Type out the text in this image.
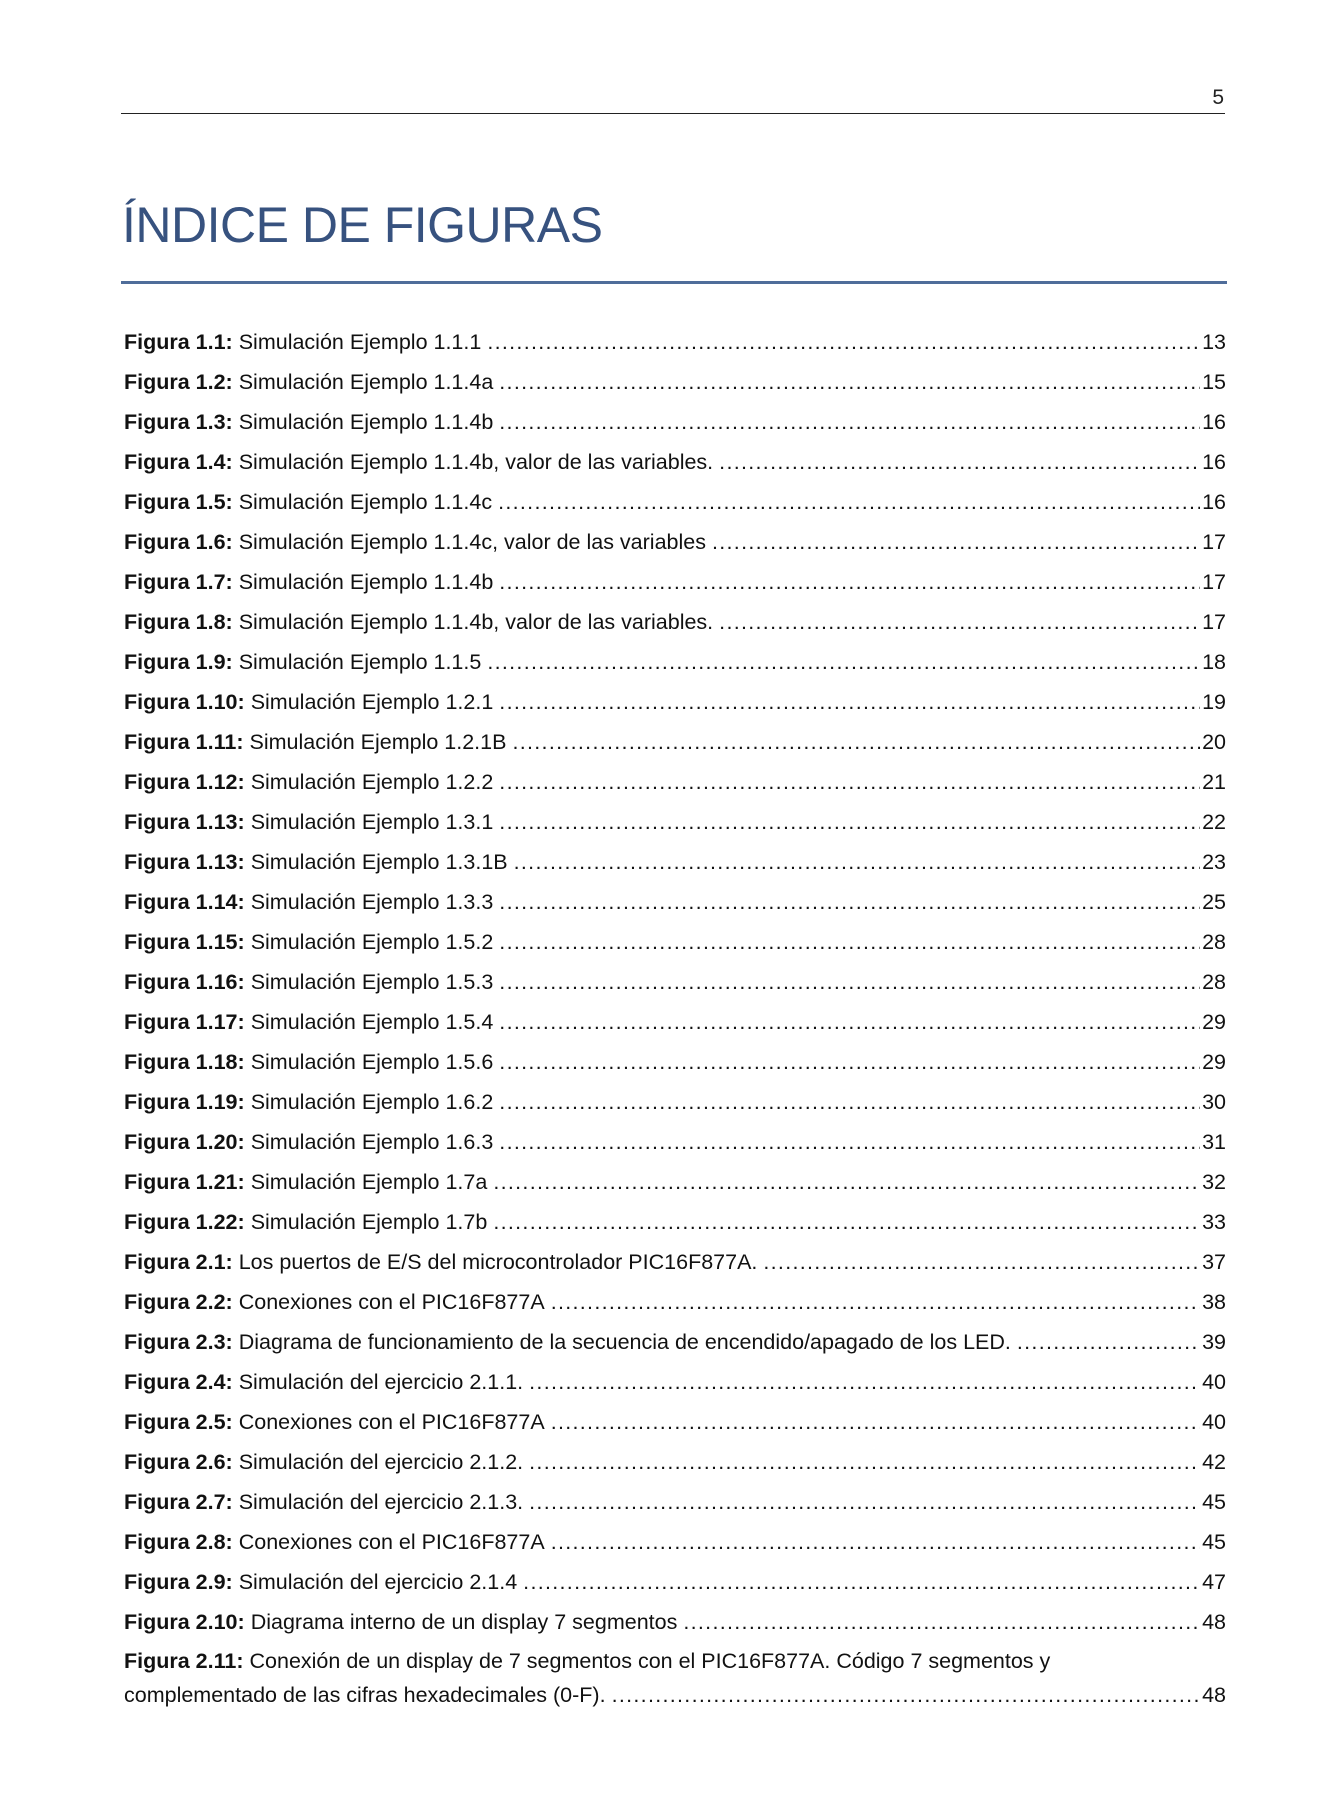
5
ÍNDICE DE FIGURAS
Figura 1.1: Simulación Ejemplo 1.1.1 .....	13
Figura 1.2: Simulación Ejemplo 1.1.4a .....	15
Figura 1.3: Simulación Ejemplo 1.1.4b .....	16
Figura 1.4: Simulación Ejemplo 1.1.4b, valor de las variables. .....	16
Figura 1.5: Simulación Ejemplo 1.1.4c .....	16
Figura 1.6: Simulación Ejemplo 1.1.4c, valor de las variables .....	17
Figura 1.7: Simulación Ejemplo 1.1.4b .....	17
Figura 1.8: Simulación Ejemplo 1.1.4b, valor de las variables. .....	17
Figura 1.9: Simulación Ejemplo 1.1.5 .....	18
Figura 1.10: Simulación Ejemplo 1.2.1 .....	19
Figura 1.11: Simulación Ejemplo 1.2.1B .....	20
Figura 1.12: Simulación Ejemplo 1.2.2 .....	21
Figura 1.13: Simulación Ejemplo 1.3.1 .....	22
Figura 1.13: Simulación Ejemplo 1.3.1B .....	23
Figura 1.14: Simulación Ejemplo 1.3.3 .....	25
Figura 1.15: Simulación Ejemplo 1.5.2 .....	28
Figura 1.16: Simulación Ejemplo 1.5.3 .....	28
Figura 1.17: Simulación Ejemplo 1.5.4 .....	29
Figura 1.18: Simulación Ejemplo 1.5.6 .....	29
Figura 1.19: Simulación Ejemplo 1.6.2 .....	30
Figura 1.20: Simulación Ejemplo 1.6.3 .....	31
Figura 1.21: Simulación Ejemplo 1.7a .....	32
Figura 1.22: Simulación Ejemplo 1.7b .....	33
Figura 2.1: Los puertos de E/S del microcontrolador PIC16F877A. .....	37
Figura 2.2: Conexiones con el PIC16F877A .....	38
Figura 2.3: Diagrama de funcionamiento de la secuencia de encendido/apagado de los LED. .....	39
Figura 2.4: Simulación del ejercicio 2.1.1. .....	40
Figura 2.5: Conexiones con el PIC16F877A .....	40
Figura 2.6: Simulación del ejercicio 2.1.2. .....	42
Figura 2.7: Simulación del ejercicio 2.1.3. .....	45
Figura 2.8: Conexiones con el PIC16F877A .....	45
Figura 2.9: Simulación del ejercicio 2.1.4 .....	47
Figura 2.10: Diagrama interno de un display 7 segmentos .....	48
Figura 2.11: Conexión de un display de 7 segmentos con el PIC16F877A. Código 7 segmentos y
complementado de las cifras hexadecimales (0-F). .....	48
